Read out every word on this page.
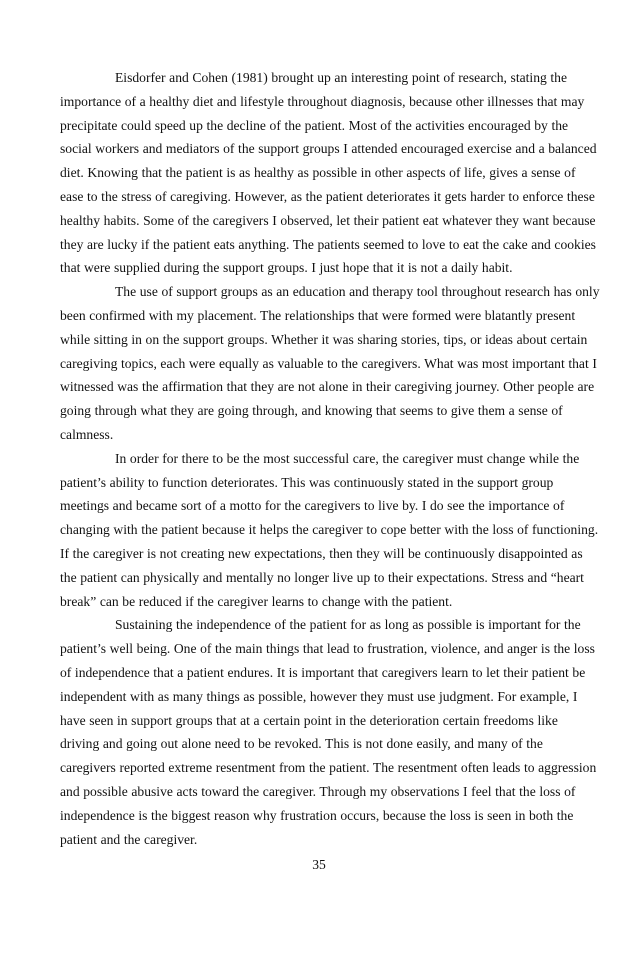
Eisdorfer and Cohen (1981) brought up an interesting point of research, stating the importance of a healthy diet and lifestyle throughout diagnosis, because other illnesses that may precipitate could speed up the decline of the patient. Most of the activities encouraged by the social workers and mediators of the support groups I attended encouraged exercise and a balanced diet. Knowing that the patient is as healthy as possible in other aspects of life, gives a sense of ease to the stress of caregiving. However, as the patient deteriorates it gets harder to enforce these healthy habits. Some of the caregivers I observed, let their patient eat whatever they want because they are lucky if the patient eats anything. The patients seemed to love to eat the cake and cookies that were supplied during the support groups. I just hope that it is not a daily habit.

The use of support groups as an education and therapy tool throughout research has only been confirmed with my placement. The relationships that were formed were blatantly present while sitting in on the support groups. Whether it was sharing stories, tips, or ideas about certain caregiving topics, each were equally as valuable to the caregivers. What was most important that I witnessed was the affirmation that they are not alone in their caregiving journey. Other people are going through what they are going through, and knowing that seems to give them a sense of calmness.

In order for there to be the most successful care, the caregiver must change while the patient’s ability to function deteriorates. This was continuously stated in the support group meetings and became sort of a motto for the caregivers to live by. I do see the importance of changing with the patient because it helps the caregiver to cope better with the loss of functioning. If the caregiver is not creating new expectations, then they will be continuously disappointed as the patient can physically and mentally no longer live up to their expectations. Stress and “heart break” can be reduced if the caregiver learns to change with the patient.

Sustaining the independence of the patient for as long as possible is important for the patient’s well being. One of the main things that lead to frustration, violence, and anger is the loss of independence that a patient endures. It is important that caregivers learn to let their patient be independent with as many things as possible, however they must use judgment. For example, I have seen in support groups that at a certain point in the deterioration certain freedoms like driving and going out alone need to be revoked. This is not done easily, and many of the caregivers reported extreme resentment from the patient. The resentment often leads to aggression and possible abusive acts toward the caregiver. Through my observations I feel that the loss of independence is the biggest reason why frustration occurs, because the loss is seen in both the patient and the caregiver.

35
